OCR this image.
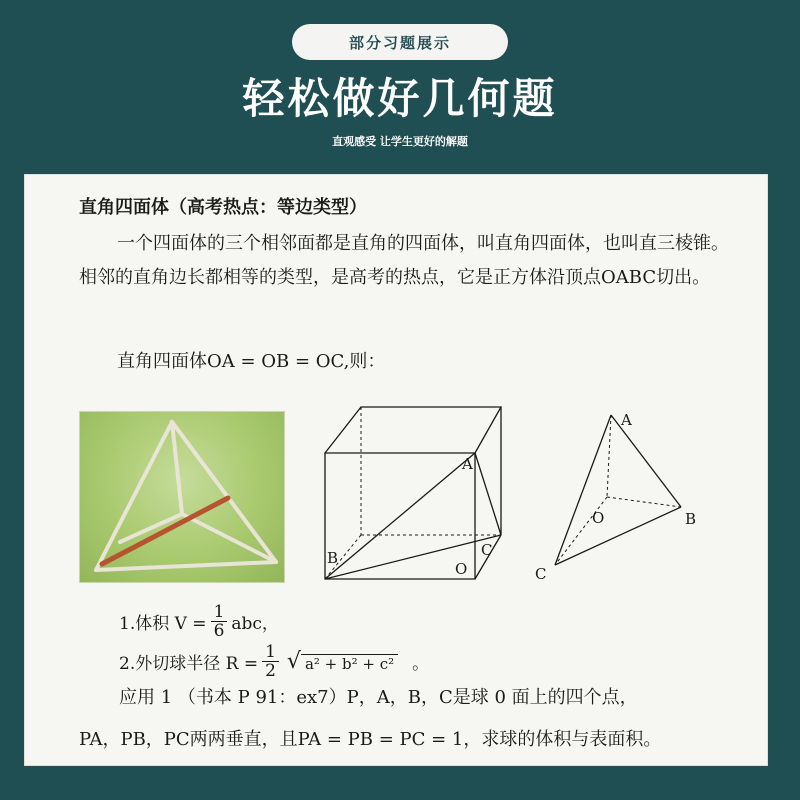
部分习题展示
轻松做好几何题
直观感受 让学生更好的解题
直角四面体（高考热点：等边类型）
一个四面体的三个相邻面都是直角的四面体，叫直角四面体，也叫直三棱锥。相邻的直角边长都相等的类型，是高考的热点，它是正方体沿顶点OABC切出。
直角四面体OA = OB = OC,则：
A
C
B
O
A
B
O
C
1.体积 $V = \frac{1}{6}$ abc，
2.外切球半径 $R = \frac{1}{2}$ √ a² + b² + c² 。
应用 1 （书本 P 91：ex7）P，A，B，C是球 0 面上的四个点，
PA，PB，PC两两垂直，且PA = PB = PC = 1，求球的体积与表面积。
